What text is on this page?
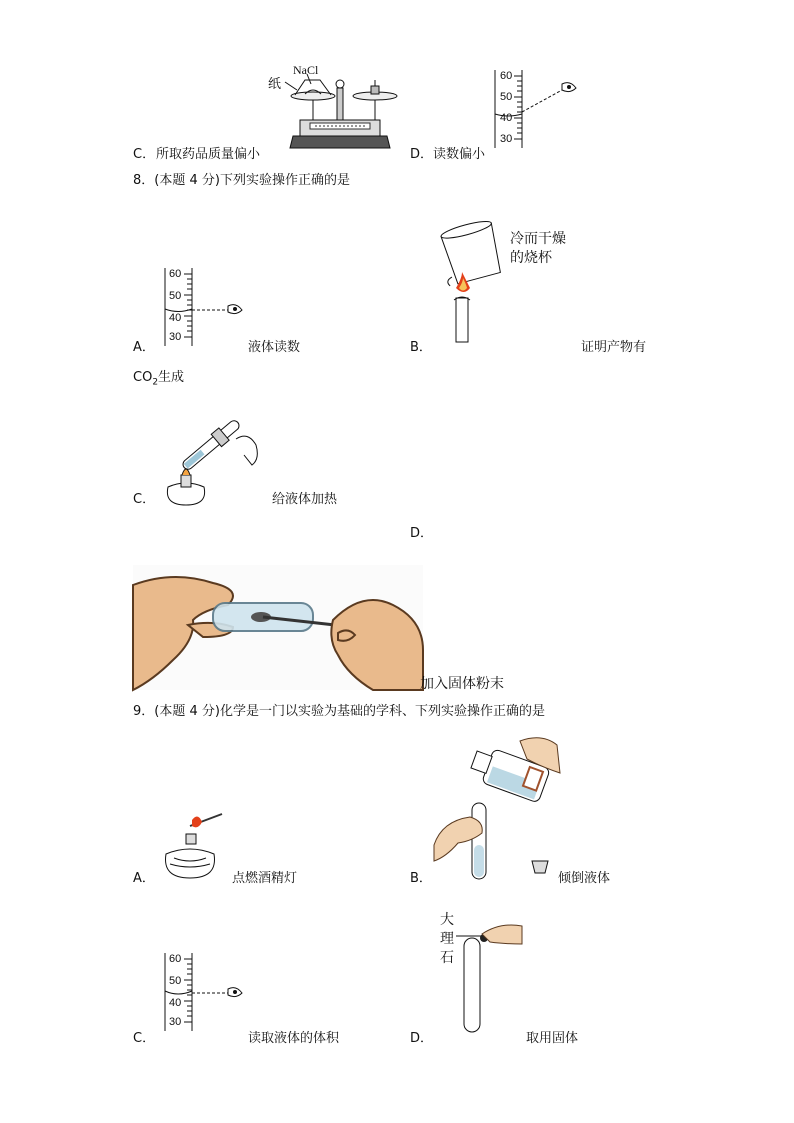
NaCl
纸
C． 所取药品质量偏小
60
50
40
30
D． 读数偏小
8．(本题 4 分)下列实验操作正确的是
60
50
40
30
A．	液体读数
冷而干燥
的烧杯
B．	证明产物有
$CO_2$生成
C．	给液体加热
D．
加入固体粉末
9．(本题 4 分)化学是一门以实验为基础的学科、下列实验操作正确的是
A．	点燃酒精灯	B．	倾倒液体
60
50
40
30
C．	读取液体的体积
大
理
石
D．	取用固体
